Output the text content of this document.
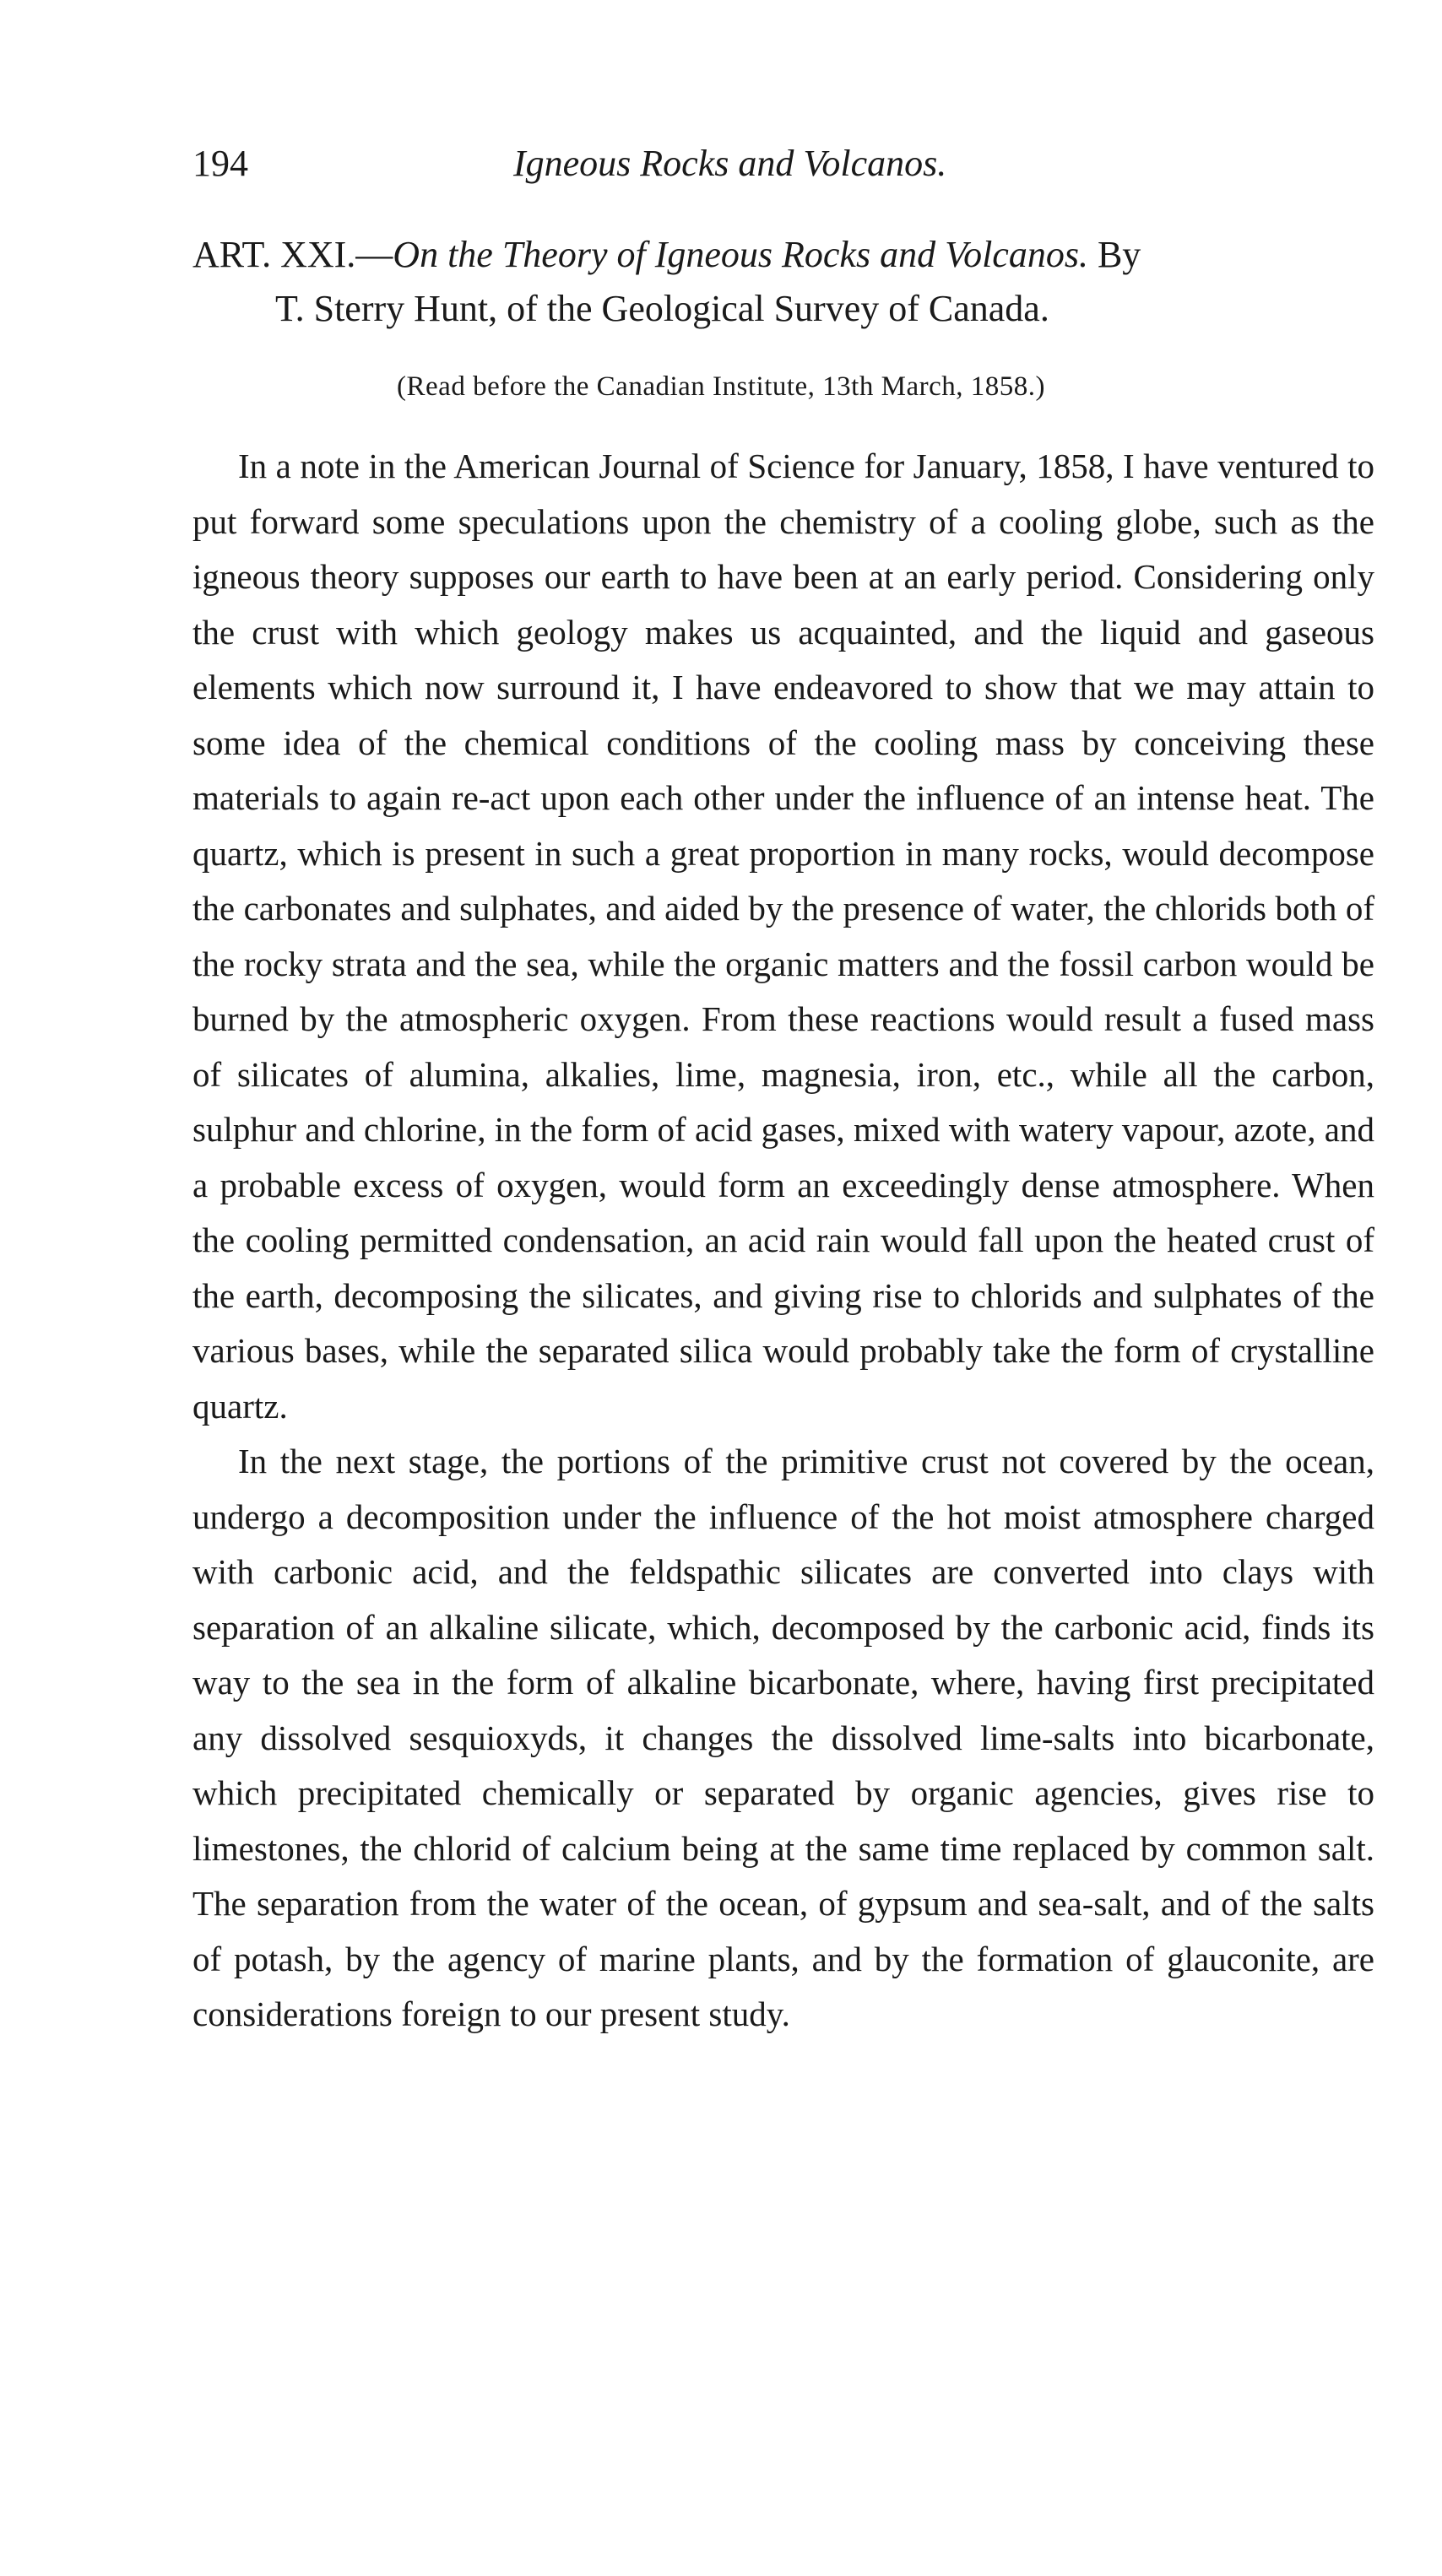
194	Igneous Rocks and Volcanos.
ART. XXI.—On the Theory of Igneous Rocks and Volcanos. By
T. Sterry Hunt, of the Geological Survey of Canada.
(Read before the Canadian Institute, 13th March, 1858.)

In a note in the American Journal of Science for January, 1858, I have ventured to put forward some speculations upon the chemistry of a cooling globe, such as the igneous theory supposes our earth to have been at an early period. Considering only the crust with which geology makes us acquainted, and the liquid and gaseous elements which now surround it, I have endeavored to show that we may attain to some idea of the chemical conditions of the cooling mass by conceiving these materials to again re-act upon each other under the influence of an intense heat. The quartz, which is present in such a great proportion in many rocks, would decompose the carbonates and sulphates, and aided by the presence of water, the chlorids both of the rocky strata and the sea, while the organic matters and the fossil carbon would be burned by the atmospheric oxygen. From these reactions would result a fused mass of silicates of alumina, alkalies, lime, magnesia, iron, etc., while all the carbon, sulphur and chlorine, in the form of acid gases, mixed with watery vapour, azote, and a probable excess of oxygen, would form an exceedingly dense atmosphere. When the cooling permitted condensation, an acid rain would fall upon the heated crust of the earth, decomposing the silicates, and giving rise to chlorids and sulphates of the various bases, while the separated silica would probably take the form of crystalline quartz.

In the next stage, the portions of the primitive crust not covered by the ocean, undergo a decomposition under the influence of the hot moist atmosphere charged with carbonic acid, and the feldspathic silicates are converted into clays with separation of an alkaline silicate, which, decomposed by the carbonic acid, finds its way to the sea in the form of alkaline bicarbonate, where, having first precipitated any dissolved sesquioxyds, it changes the dissolved lime-salts into bicarbonate, which precipitated chemically or separated by organic agencies, gives rise to limestones, the chlorid of calcium being at the same time replaced by common salt. The separation from the water of the ocean, of gypsum and sea-salt, and of the salts of potash, by the agency of marine plants, and by the formation of glauconite, are considerations foreign to our present study.
